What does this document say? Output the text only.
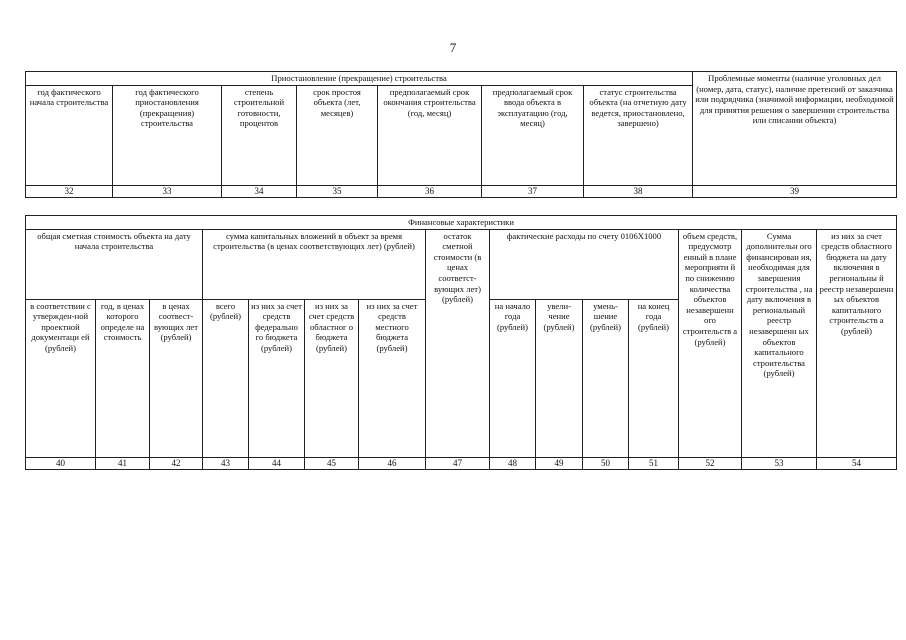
7
Приостановление (прекращение) строительства							Проблемные моменты (наличие уголовных дел (номер, дата, статус), наличие претензий от заказчика или подрядчика (значимой информации, необходимой для принятия решения о завершении строительства или списании объекта)
год фактического начала строительства	год фактического приостановления (прекращения) строительства	степень строительной готовности, процентов	срок простоя объекта (лет, месяцев)	предполагаемый срок окончания строительства (год, месяц)	предполагаемый срок ввода объекта в эксплуатацию (год, месяц)	статус строительства объекта (на отчетную дату ведется, приостановлено, завершено)	
32	33	34	35	36	37	38	39
Финансовые характеристики														
общая сметная стоимость объекта на дату начала строительства			сумма капитальных вложений в объект за время строительства (в ценах соответствующих лет) (рублей)				остаток сметной стоимости (в ценах соответст-вующих лет) (рублей)	фактические расходы по счету 0106Х1000				объем средств, предусмотр енный в плане мероприяти й по снижению количества объектов незавершенн ого строительств а (рублей)	Сумма дополнительн ого финансирован ия, необходимая для завершения строительства , на дату включения в региональный реестр незавершенн ых объектов капитального строительства (рублей)	из них за счет средств областного бюджета на дату включения в региональны й реестр незавершенн ых объектов капитального строительств а (рублей)
в соответствии с утвержден-ной проектной документаци ей (рублей)	год, в ценах которого определе на стоимость	в ценах соотвест-вующих лет (рублей)	всего (рублей)	из них за счет средств федерально го бюджета (рублей)	из них за счет средств областног о бюджета (рублей)	из них за счет средств местного бюджета (рублей)		на начало года (рублей)	увели-чение (рублей)	умень-шение (рублей)	на конец года (рублей)			
40	41	42	43	44	45	46	47	48	49	50	51	52	53	54
